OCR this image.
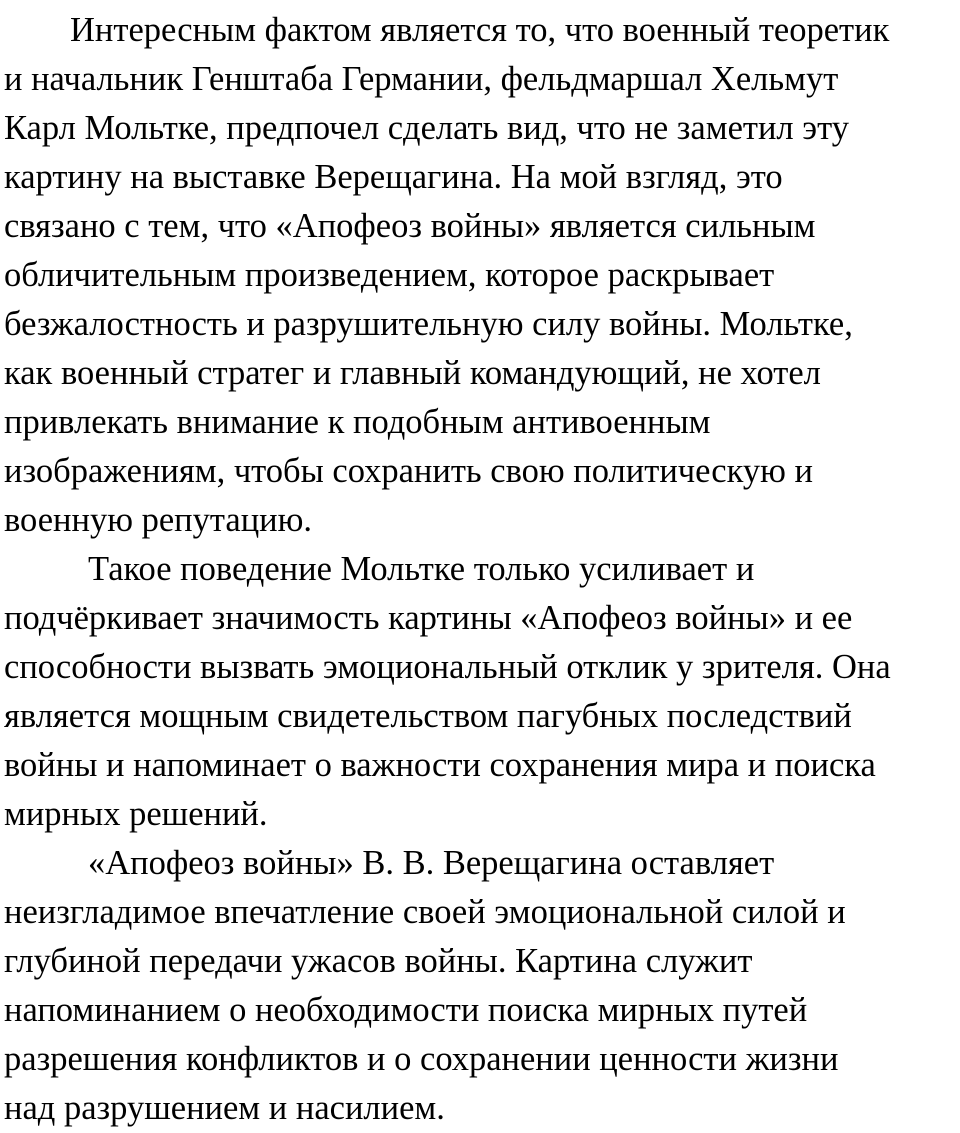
Интересным фактом является то, что военный теоретик
и начальник Генштаба Германии, фельдмаршал Хельмут
Карл Мольтке, предпочел сделать вид, что не заметил эту
картину на выставке Верещагина. На мой взгляд, это
связано с тем, что «Апофеоз войны» является сильным
обличительным произведением, которое раскрывает
безжалостность и разрушительную силу войны. Мольтке,
как военный стратег и главный командующий, не хотел
привлекать внимание к подобным антивоенным
изображениям, чтобы сохранить свою политическую и
военную репутацию.

Такое поведение Мольтке только усиливает и
подчёркивает значимость картины «Апофеоз войны» и ее
способности вызвать эмоциональный отклик у зрителя. Она
является мощным свидетельством пагубных последствий
войны и напоминает о важности сохранения мира и поиска
мирных решений.

«Апофеоз войны» В. В. Верещагина оставляет
неизгладимое впечатление своей эмоциональной силой и
глубиной передачи ужасов войны. Картина служит
напоминанием о необходимости поиска мирных путей
разрешения конфликтов и о сохранении ценности жизни
над разрушением и насилием.
